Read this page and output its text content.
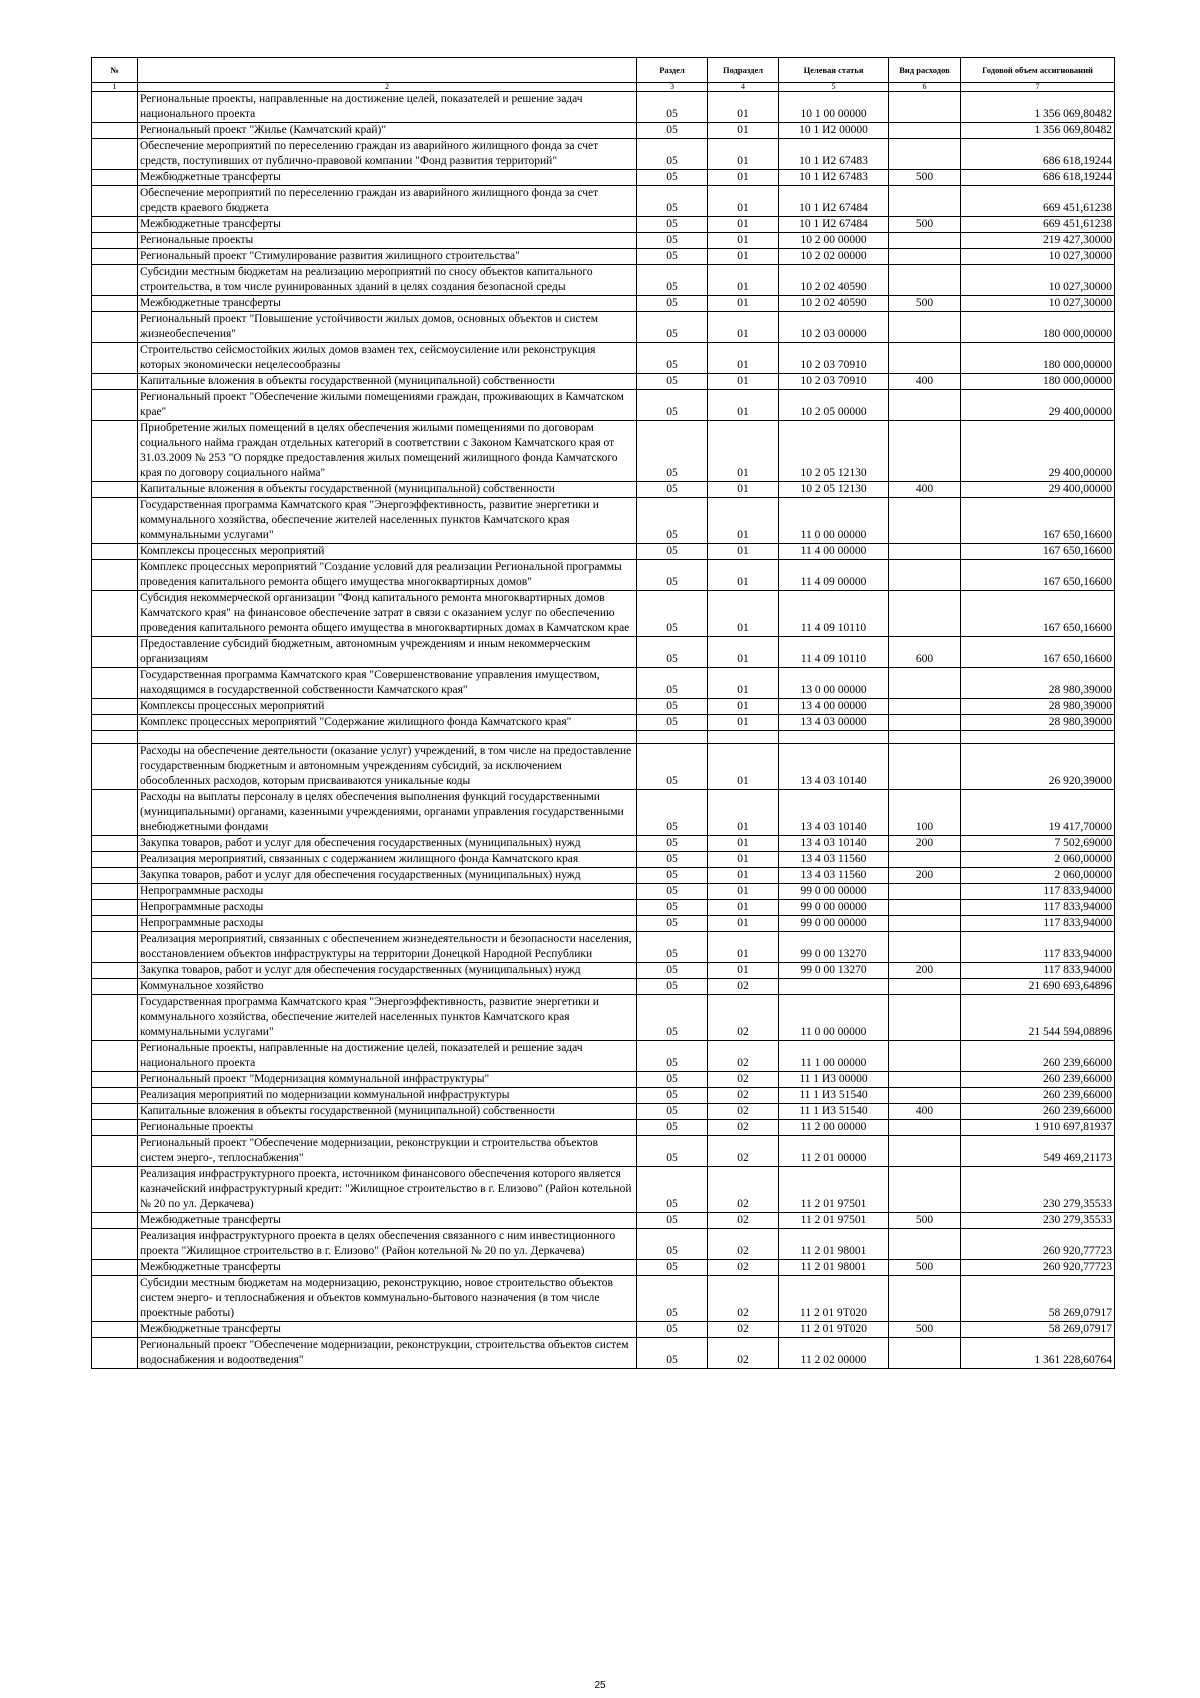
№		Раздел	Подраздел	Целевая статья	Вид расходов	Годовой объем ассигнований
1	2	3	4	5	6	7
	Региональные проекты, направленные на достижение целей, показателей и решение задач национального проекта	05	01	10 1 00 00000		1 356 069,80482
	Региональный проект "Жилье (Камчатский край)"	05	01	10 1 И2 00000		1 356 069,80482
	Обеспечение мероприятий по переселению граждан из аварийного жилищного фонда за счет средств, поступивших от публично-правовой компании "Фонд развития территорий"	05	01	10 1 И2 67483		686 618,19244
	Межбюджетные трансферты	05	01	10 1 И2 67483	500	686 618,19244
	Обеспечение мероприятий по переселению граждан из аварийного жилищного фонда за счет средств краевого бюджета	05	01	10 1 И2 67484		669 451,61238
	Межбюджетные трансферты	05	01	10 1 И2 67484	500	669 451,61238
	Региональные проекты	05	01	10 2 00 00000		219 427,30000
	Региональный проект "Стимулирование развития жилищного строительства"	05	01	10 2 02 00000		10 027,30000
	Субсидии местным бюджетам на реализацию мероприятий по сносу объектов капитального строительства, в том числе руинированных зданий в целях создания безопасной среды	05	01	10 2 02 40590		10 027,30000
	Межбюджетные трансферты	05	01	10 2 02 40590	500	10 027,30000
	Региональный проект "Повышение устойчивости жилых домов, основных объектов и систем жизнеобеспечения"	05	01	10 2 03 00000		180 000,00000
	Строительство сейсмостойких жилых домов взамен тех, сейсмоусиление или реконструкция которых экономически нецелесообразны	05	01	10 2 03 70910		180 000,00000
	Капитальные вложения в объекты государственной (муниципальной) собственности	05	01	10 2 03 70910	400	180 000,00000
	Региональный проект "Обеспечение жилыми помещениями граждан, проживающих в Камчатском крае"	05	01	10 2 05 00000		29 400,00000
	Приобретение жилых помещений в целях обеспечения жилыми помещениями по договорам социального найма граждан отдельных категорий в соответствии с Законом Камчатского края от 31.03.2009 № 253 "О порядке предоставления жилых помещений жилищного фонда Камчатского края по договору социального найма"	05	01	10 2 05 12130		29 400,00000
	Капитальные вложения в объекты государственной (муниципальной) собственности	05	01	10 2 05 12130	400	29 400,00000
	Государственная программа Камчатского края "Энергоэффективность, развитие энергетики и коммунального хозяйства, обеспечение жителей населенных пунктов Камчатского края коммунальными услугами"	05	01	11 0 00 00000		167 650,16600
	Комплексы процессных мероприятий	05	01	11 4 00 00000		167 650,16600
	Комплекс процессных мероприятий "Создание условий для реализации Региональной программы проведения капитального ремонта общего имущества многоквартирных домов"	05	01	11 4 09 00000		167 650,16600
	Субсидия некоммерческой организации "Фонд капитального ремонта многоквартирных домов Камчатского края" на финансовое обеспечение затрат в связи с оказанием услуг по обеспечению проведения капитального ремонта общего имущества в многоквартирных домах в Камчатском крае	05	01	11 4 09 10110		167 650,16600
	Предоставление субсидий бюджетным, автономным учреждениям и иным некоммерческим организациям	05	01	11 4 09 10110	600	167 650,16600
	Государственная программа Камчатского края "Совершенствование управления имуществом, находящимся в государственной собственности Камчатского края"	05	01	13 0 00 00000		28 980,39000
	Комплексы процессных мероприятий	05	01	13 4 00 00000		28 980,39000
	Комплекс процессных мероприятий "Содержание жилищного фонда Камчатского края"	05	01	13 4 03 00000		28 980,39000

	Расходы на обеспечение деятельности (оказание услуг) учреждений, в том числе на предоставление государственным бюджетным и автономным учреждениям субсидий, за исключением обособленных расходов, которым присваиваются уникальные коды	05	01	13 4 03 10140		26 920,39000
	Расходы на выплаты персоналу в целях обеспечения выполнения функций государственными (муниципальными) органами, казенными учреждениями, органами управления государственными внебюджетными фондами	05	01	13 4 03 10140	100	19 417,70000
	Закупка товаров, работ и услуг для обеспечения государственных (муниципальных) нужд	05	01	13 4 03 10140	200	7 502,69000
	Реализация мероприятий, связанных с содержанием жилищного фонда Камчатского края	05	01	13 4 03 11560		2 060,00000
	Закупка товаров, работ и услуг для обеспечения государственных (муниципальных) нужд	05	01	13 4 03 11560	200	2 060,00000
	Непрограммные расходы	05	01	99 0 00 00000		117 833,94000
	Непрограммные расходы	05	01	99 0 00 00000		117 833,94000
	Непрограммные расходы	05	01	99 0 00 00000		117 833,94000
	Реализация мероприятий, связанных с обеспечением жизнедеятельности и безопасности населения, восстановлением объектов инфраструктуры на территории Донецкой Народной Республики	05	01	99 0 00 13270		117 833,94000
	Закупка товаров, работ и услуг для обеспечения государственных (муниципальных) нужд	05	01	99 0 00 13270	200	117 833,94000
	Коммунальное хозяйство	05	02			21 690 693,64896
	Государственная программа Камчатского края "Энергоэффективность, развитие энергетики и коммунального хозяйства, обеспечение жителей населенных пунктов Камчатского края коммунальными услугами"	05	02	11 0 00 00000		21 544 594,08896
	Региональные проекты, направленные на достижение целей, показателей и решение задач национального проекта	05	02	11 1 00 00000		260 239,66000
	Региональный проект "Модернизация коммунальной инфраструктуры"	05	02	11 1 И3 00000		260 239,66000
	Реализация мероприятий по модернизации коммунальной инфраструктуры	05	02	11 1 И3 51540		260 239,66000
	Капитальные вложения в объекты государственной (муниципальной) собственности	05	02	11 1 И3 51540	400	260 239,66000
	Региональные проекты	05	02	11 2 00 00000		1 910 697,81937
	Региональный проект "Обеспечение модернизации, реконструкции и строительства объектов систем энерго-, теплоснабжения"	05	02	11 2 01 00000		549 469,21173
	Реализация инфраструктурного проекта, источником финансового обеспечения которого является казначейский инфраструктурный кредит: "Жилищное строительство в г. Елизово" (Район котельной № 20 по ул. Деркачева)	05	02	11 2 01 97501		230 279,35533
	Межбюджетные трансферты	05	02	11 2 01 97501	500	230 279,35533
	Реализация инфраструктурного проекта в целях обеспечения связанного с ним инвестиционного проекта "Жилищное строительство в г. Елизово" (Район котельной № 20 по ул. Деркачева)	05	02	11 2 01 98001		260 920,77723
	Межбюджетные трансферты	05	02	11 2 01 98001	500	260 920,77723
	Субсидии местным бюджетам на модернизацию, реконструкцию, новое строительство объектов систем энерго- и теплоснабжения и объектов коммунально-бытового назначения (в том числе проектные работы)	05	02	11 2 01 9Т020		58 269,07917
	Межбюджетные трансферты	05	02	11 2 01 9Т020	500	58 269,07917
	Региональный проект "Обеспечение модернизации, реконструкции, строительства объектов систем водоснабжения и водоотведения"	05	02	11 2 02 00000		1 361 228,60764
25
